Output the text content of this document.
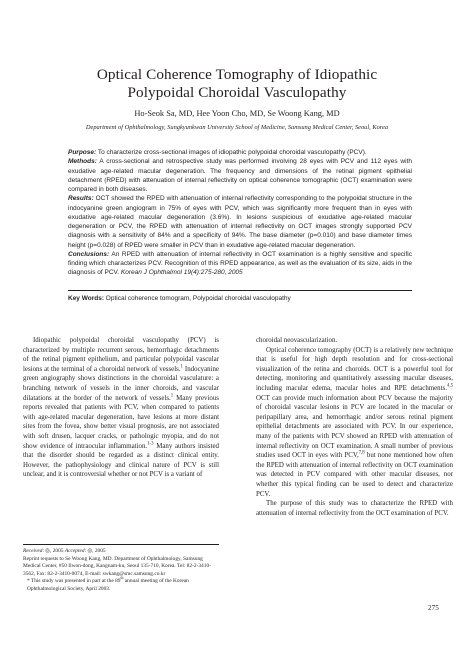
Optical Coherence Tomography of Idiopathic
Polypoidal Choroidal Vasculopathy
Ho-Seok Sa, MD, Hee Yoon Cho, MD, Se Woong Kang, MD
Department of Ophthalmology, Sungkyunkwan University School of Medicine, Samsung Medical Center, Seoul, Korea

Purpose: To characterize cross-sectional images of idiopathic polypoidal choroidal vasculopathy (PCV).

Methods: A cross-sectional and retrospective study was performed involving 28 eyes with PCV and 112 eyes with exudative age-related macular degeneration. The frequency and dimensions of the retinal pigment epithelial detachment (RPED) with attenuation of internal reflectivity on optical coherence tomographic (OCT) examination were compared in both diseases.

Results: OCT showed the RPED with attenuation of internal reflectivity corresponding to the polypoidal structure in the indocyanine green angiogram in 75% of eyes with PCV, which was significantly more frequent than in eyes with exudative age-related macular degeneration (3.6%). In lesions suspicious of exudative age-related macular degeneration or PCV, the RPED with attenuation of internal reflectivity on OCT images strongly supported PCV diagnosis with a sensitivity of 84% and a specificity of 94%. The base diameter (p=0.010) and base diameter times height (p=0.028) of RPED were smaller in PCV than in exudative age-related macular degeneration.

Conclusions: An RPED with attenuation of internal reflectivity in OCT examination is a highly sensitive and specific finding which characterizes PCV. Recognition of this RPED appearance, as well as the evaluation of its size, aids in the diagnosis of PCV. Korean J Ophthalmol 19(4):275-280, 2005

Key Words: Optical coherence tomogram, Polypoidal choroidal vasculopathy

Idiopathic polypoidal choroidal vasculopathy (PCV) is characterized by multiple recurrent serous, hemorrhagic detachments of the retinal pigment epithelium, and particular polypoidal vascular lesions at the terminal of a choroidal network of vessels.$^1$ Indocyanine green angiography shows distinctions in the choroidal vasculature: a branching network of vessels in the inner choroids, and vascular dilatations at the border of the network of vessels.$^1$ Many previous reports revealed that patients with PCV, when compared to patients with age-related macular degeneration, have lesions at more distant sites from the fovea, show better visual prognosis, are not associated with soft drusen, lacquer cracks, or pathologic myopia, and do not show evidence of intraocular inflammation.$^{1-3}$ Many authors insisted that the disorder should be regarded as a distinct clinical entity. However, the pathophysiology and clinical nature of PCV is still unclear, and it is controversial whether or not PCV is a variant of

choroidal neovascularization.

Optical coherence tomography (OCT) is a relatively new technique that is useful for high depth resolution and for cross-sectional visualization of the retina and choroids. OCT is a powerful tool for detecting, monitoring and quantitatively assessing macular diseases, including macular edema, macular holes and RPE detachments.$^{4,5}$ OCT can provide much information about PCV because the majority of choroidal vascular lesions in PCV are located in the macular or peripapillary area, and hemorrhagic and/or serous retinal pigment epithelial detachments are associated with PCV. In our experience, many of the patients with PCV showed an RPED with attenuation of internal reflectivity on OCT examination. A small number of previous studies used OCT in eyes with PCV,$^{7,8}$ but none mentioned how often the RPED with attenuation of internal reflectivity on OCT examination was detected in PCV compared with other macular diseases, nor whether this typical finding can be used to detect and characterize PCV.

The purpose of this study was to characterize the RPED with attenuation of internal reflectivity from the OCT examination of PCV.

Received: ◎, 2005 Accepted: ◎, 2005

Reprint requests to Se Woong Kang, MD. Department of Ophthalmology, Samsung Medical Center, #50 Ilwon-dong, Kangnam-ku, Seoul 135-710, Korea. Tel: 82-2-3410-3562, Fax: 82-2-3410-0074, E-mail: swkang@smc.samsung.co.kr

* This study was presented in part at the 89th annual meeting of the Korean Ophthalmological Society, April 2003.

275
